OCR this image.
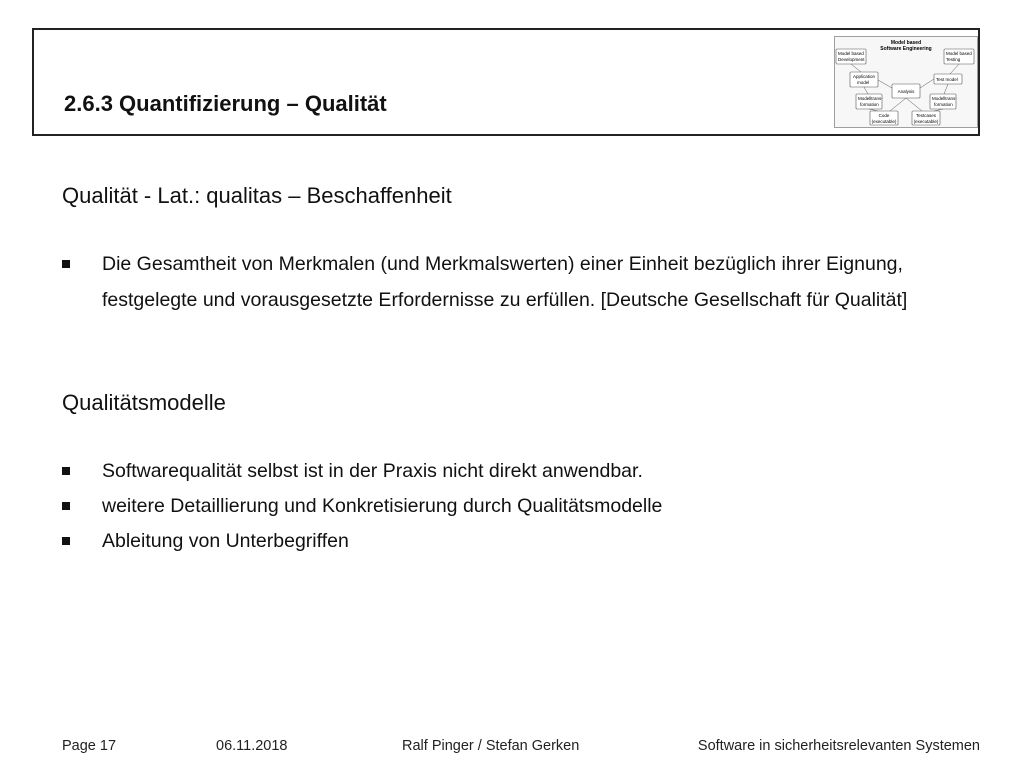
2.6.3 Quantifizierung – Qualität
Model based
Software Engineering
Model based
Development
Model based
Testing
Application
model
Test model
Analysis
Modelltrans-
formation
Modelltrans-
formation
Code
(executable)
Testcases
(executable)
Qualität - Lat.: qualitas – Beschaffenheit
Die Gesamtheit von Merkmalen (und Merkmalswerten) einer Einheit bezüglich ihrer Eignung, festgelegte und vorausgesetzte Erfordernisse zu erfüllen. [Deutsche Gesellschaft für Qualität]
Qualitätsmodelle
Softwarequalität selbst ist in der Praxis nicht direkt anwendbar.
weitere Detaillierung und Konkretisierung durch Qualitätsmodelle
Ableitung von Unterbegriffen
Page 17	06.11.2018	Ralf Pinger / Stefan Gerken	Software in sicherheitsrelevanten Systemen
